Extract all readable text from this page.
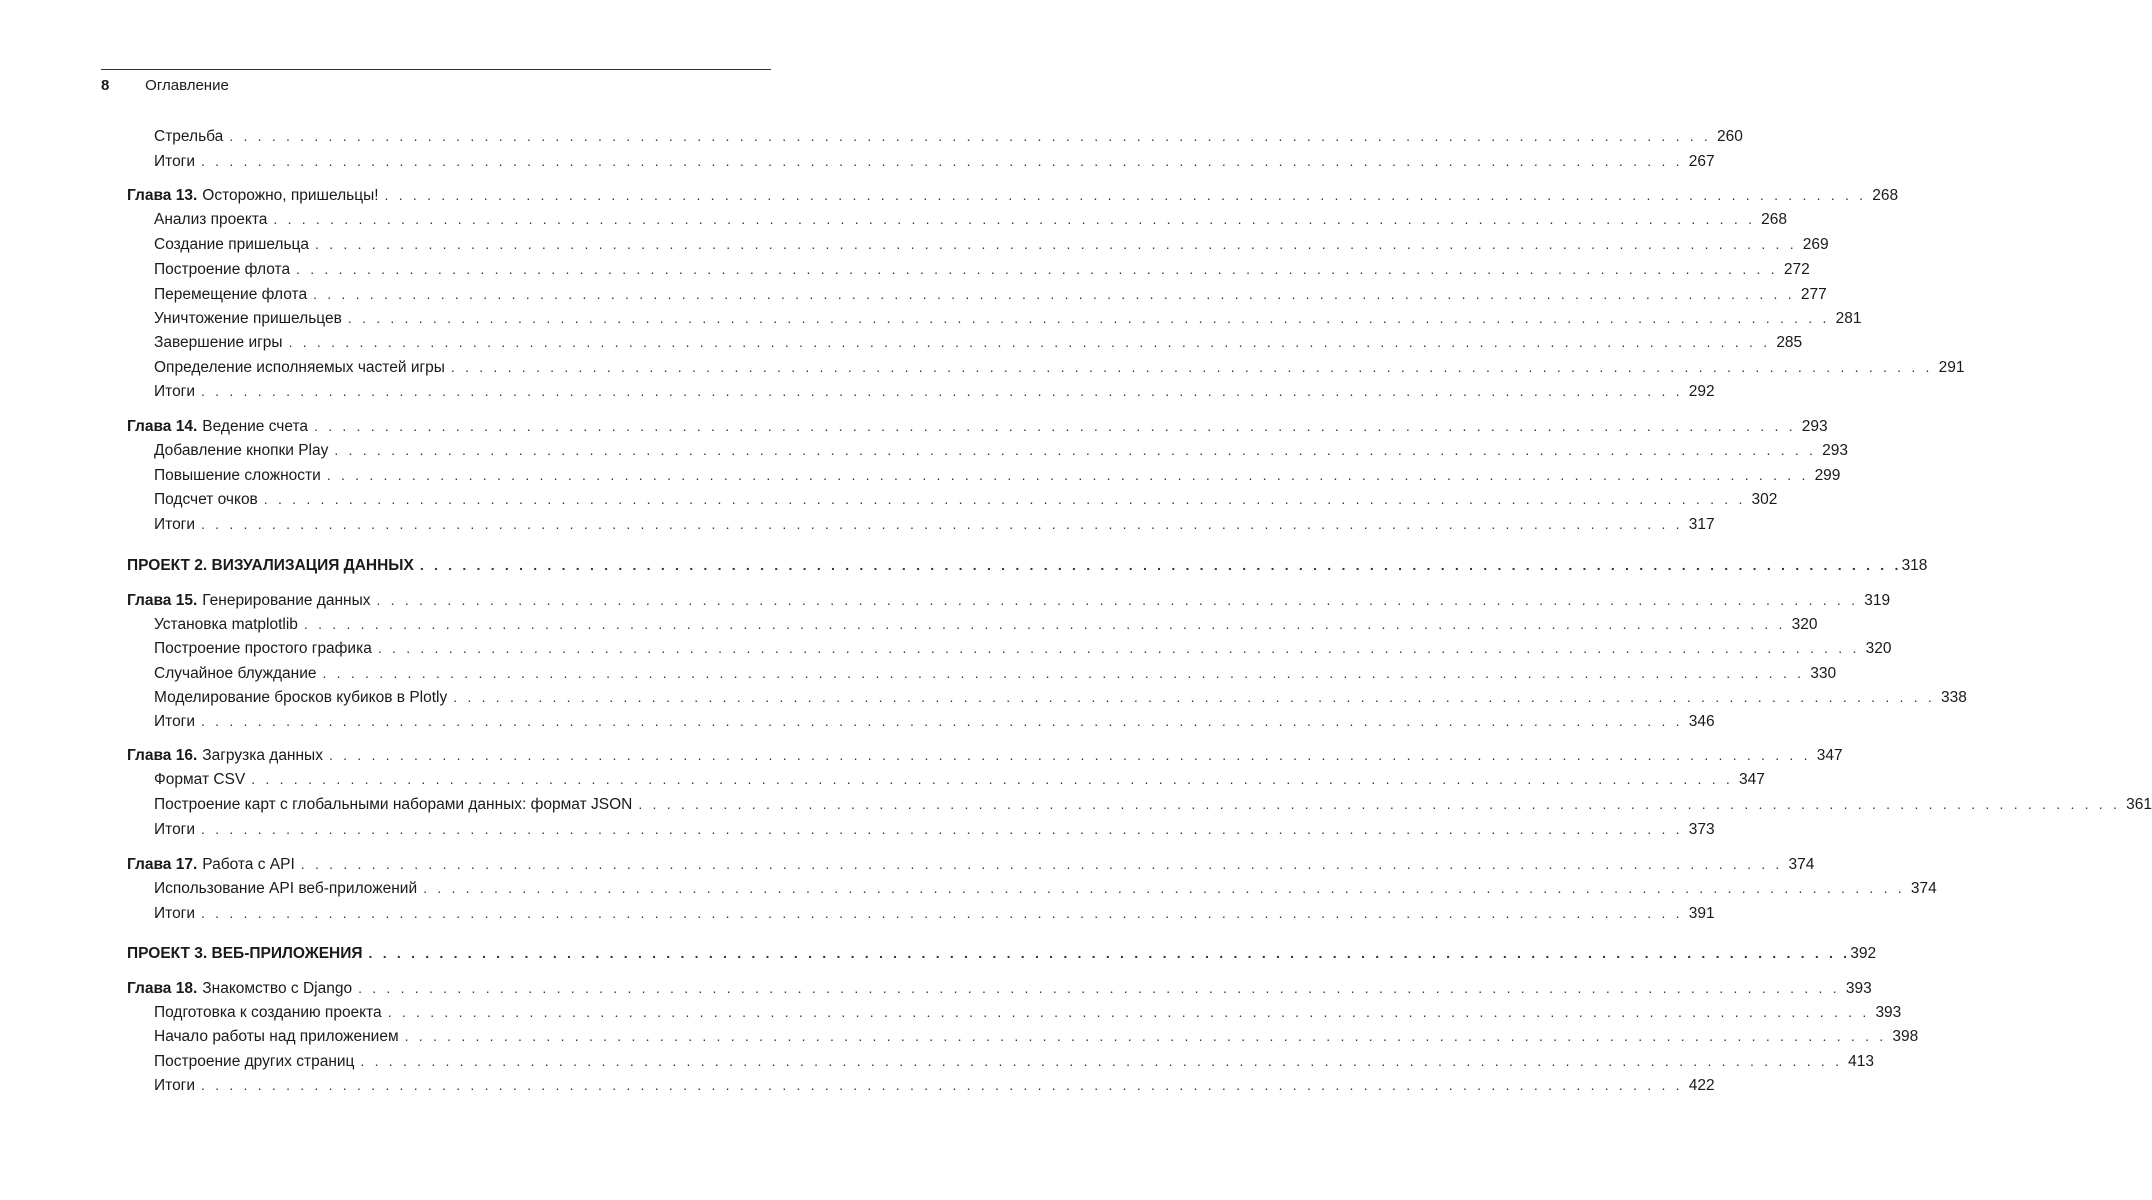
8 Оглавление
Стрельба . . . . . . . . . . . . . . . . . . . . . . . . . . . . . . . . . . . . . . . . . . . . . . . . . . . . . . . . . . . . . . . . . . . . . . . . . . . . . . . . . . . . . . . . . . . . . . . . . . . . . . . . . 260
Итоги . . . . . . . . . . . . . . . . . . . . . . . . . . . . . . . . . . . . . . . . . . . . . . . . . . . . . . . . . . . . . . . . . . . . . . . . . . . . . . . . . . . . . . . . . . . . . . . . . . . . . . . . . 267
Глава 13. Осторожно, пришельцы! . . . . . . . . . . . . . . . . . . . . . . . . . . . . . . . . . . . . . . . . . . . . . . . . . . . . . . . . . . . . . . . . . . . . . . . . . . . . . . . . . . . . . . . . . . . . . . . . . . . . . . . . . 268
Анализ проекта . . . . . . . . . . . . . . . . . . . . . . . . . . . . . . . . . . . . . . . . . . . . . . . . . . . . . . . . . . . . . . . . . . . . . . . . . . . . . . . . . . . . . . . . . . . . . . . . . . . . . . . . . 268
Создание пришельца . . . . . . . . . . . . . . . . . . . . . . . . . . . . . . . . . . . . . . . . . . . . . . . . . . . . . . . . . . . . . . . . . . . . . . . . . . . . . . . . . . . . . . . . . . . . . . . . . . . . . . . . . 269
Построение флота . . . . . . . . . . . . . . . . . . . . . . . . . . . . . . . . . . . . . . . . . . . . . . . . . . . . . . . . . . . . . . . . . . . . . . . . . . . . . . . . . . . . . . . . . . . . . . . . . . . . . . . . . 272
Перемещение флота . . . . . . . . . . . . . . . . . . . . . . . . . . . . . . . . . . . . . . . . . . . . . . . . . . . . . . . . . . . . . . . . . . . . . . . . . . . . . . . . . . . . . . . . . . . . . . . . . . . . . . . . . 277
Уничтожение пришельцев . . . . . . . . . . . . . . . . . . . . . . . . . . . . . . . . . . . . . . . . . . . . . . . . . . . . . . . . . . . . . . . . . . . . . . . . . . . . . . . . . . . . . . . . . . . . . . . . . . . . . . . . . 281
Завершение игры . . . . . . . . . . . . . . . . . . . . . . . . . . . . . . . . . . . . . . . . . . . . . . . . . . . . . . . . . . . . . . . . . . . . . . . . . . . . . . . . . . . . . . . . . . . . . . . . . . . . . . . . . 285
Определение исполняемых частей игры . . . . . . . . . . . . . . . . . . . . . . . . . . . . . . . . . . . . . . . . . . . . . . . . . . . . . . . . . . . . . . . . . . . . . . . . . . . . . . . . . . . . . . . . . . . . . . . . . . . . . . . . . 291
Итоги . . . . . . . . . . . . . . . . . . . . . . . . . . . . . . . . . . . . . . . . . . . . . . . . . . . . . . . . . . . . . . . . . . . . . . . . . . . . . . . . . . . . . . . . . . . . . . . . . . . . . . . . . 292
Глава 14. Ведение счета . . . . . . . . . . . . . . . . . . . . . . . . . . . . . . . . . . . . . . . . . . . . . . . . . . . . . . . . . . . . . . . . . . . . . . . . . . . . . . . . . . . . . . . . . . . . . . . . . . . . . . . . . 293
Добавление кнопки Play . . . . . . . . . . . . . . . . . . . . . . . . . . . . . . . . . . . . . . . . . . . . . . . . . . . . . . . . . . . . . . . . . . . . . . . . . . . . . . . . . . . . . . . . . . . . . . . . . . . . . . . . . 293
Повышение сложности . . . . . . . . . . . . . . . . . . . . . . . . . . . . . . . . . . . . . . . . . . . . . . . . . . . . . . . . . . . . . . . . . . . . . . . . . . . . . . . . . . . . . . . . . . . . . . . . . . . . . . . . . 299
Подсчет очков . . . . . . . . . . . . . . . . . . . . . . . . . . . . . . . . . . . . . . . . . . . . . . . . . . . . . . . . . . . . . . . . . . . . . . . . . . . . . . . . . . . . . . . . . . . . . . . . . . . . . . . . . 302
Итоги . . . . . . . . . . . . . . . . . . . . . . . . . . . . . . . . . . . . . . . . . . . . . . . . . . . . . . . . . . . . . . . . . . . . . . . . . . . . . . . . . . . . . . . . . . . . . . . . . . . . . . . . . 317
ПРОЕКТ 2. ВИЗУАЛИЗАЦИЯ ДАННЫХ . . . . . . . . . . . . . . . . . . . . . . . . . . . . . . . . . . . . . . . . . . . . . . . . . . . . . . . . . . . . . . . . . . . . . . . . . . . . . . . . . . . . . . . . . . . . . . . . . . . . . . . . . 318
Глава 15. Генерирование данных . . . . . . . . . . . . . . . . . . . . . . . . . . . . . . . . . . . . . . . . . . . . . . . . . . . . . . . . . . . . . . . . . . . . . . . . . . . . . . . . . . . . . . . . . . . . . . . . . . . . . . . . . 319
Установка matplotlib . . . . . . . . . . . . . . . . . . . . . . . . . . . . . . . . . . . . . . . . . . . . . . . . . . . . . . . . . . . . . . . . . . . . . . . . . . . . . . . . . . . . . . . . . . . . . . . . . . . . . . . . . 320
Построение простого графика . . . . . . . . . . . . . . . . . . . . . . . . . . . . . . . . . . . . . . . . . . . . . . . . . . . . . . . . . . . . . . . . . . . . . . . . . . . . . . . . . . . . . . . . . . . . . . . . . . . . . . . . . 320
Случайное блуждание . . . . . . . . . . . . . . . . . . . . . . . . . . . . . . . . . . . . . . . . . . . . . . . . . . . . . . . . . . . . . . . . . . . . . . . . . . . . . . . . . . . . . . . . . . . . . . . . . . . . . . . . . 330
Моделирование бросков кубиков в Plotly . . . . . . . . . . . . . . . . . . . . . . . . . . . . . . . . . . . . . . . . . . . . . . . . . . . . . . . . . . . . . . . . . . . . . . . . . . . . . . . . . . . . . . . . . . . . . . . . . . . . . . . . . 338
Итоги . . . . . . . . . . . . . . . . . . . . . . . . . . . . . . . . . . . . . . . . . . . . . . . . . . . . . . . . . . . . . . . . . . . . . . . . . . . . . . . . . . . . . . . . . . . . . . . . . . . . . . . . . 346
Глава 16. Загрузка данных . . . . . . . . . . . . . . . . . . . . . . . . . . . . . . . . . . . . . . . . . . . . . . . . . . . . . . . . . . . . . . . . . . . . . . . . . . . . . . . . . . . . . . . . . . . . . . . . . . . . . . . . . 347
Формат CSV . . . . . . . . . . . . . . . . . . . . . . . . . . . . . . . . . . . . . . . . . . . . . . . . . . . . . . . . . . . . . . . . . . . . . . . . . . . . . . . . . . . . . . . . . . . . . . . . . . . . . . . . . 347
Построение карт с глобальными наборами данных: формат JSON . . . . . . . . . . . . . . . . . . . . . . . . . . . . . . . . . . . . . . . . . . . . . . . . . . . . . . . . . . . . . . . . . . . . . . . . . . . . . . . . . . . . . . . . . . . . . . . . . . . . . . . . . 361
Итоги . . . . . . . . . . . . . . . . . . . . . . . . . . . . . . . . . . . . . . . . . . . . . . . . . . . . . . . . . . . . . . . . . . . . . . . . . . . . . . . . . . . . . . . . . . . . . . . . . . . . . . . . . 373
Глава 17. Работа с API . . . . . . . . . . . . . . . . . . . . . . . . . . . . . . . . . . . . . . . . . . . . . . . . . . . . . . . . . . . . . . . . . . . . . . . . . . . . . . . . . . . . . . . . . . . . . . . . . . . . . . . . . 374
Использование API веб-приложений . . . . . . . . . . . . . . . . . . . . . . . . . . . . . . . . . . . . . . . . . . . . . . . . . . . . . . . . . . . . . . . . . . . . . . . . . . . . . . . . . . . . . . . . . . . . . . . . . . . . . . . . . 374
Итоги . . . . . . . . . . . . . . . . . . . . . . . . . . . . . . . . . . . . . . . . . . . . . . . . . . . . . . . . . . . . . . . . . . . . . . . . . . . . . . . . . . . . . . . . . . . . . . . . . . . . . . . . . 391
ПРОЕКТ 3. ВЕБ-ПРИЛОЖЕНИЯ . . . . . . . . . . . . . . . . . . . . . . . . . . . . . . . . . . . . . . . . . . . . . . . . . . . . . . . . . . . . . . . . . . . . . . . . . . . . . . . . . . . . . . . . . . . . . . . . . . . . . . . . . 392
Глава 18. Знакомство с Django . . . . . . . . . . . . . . . . . . . . . . . . . . . . . . . . . . . . . . . . . . . . . . . . . . . . . . . . . . . . . . . . . . . . . . . . . . . . . . . . . . . . . . . . . . . . . . . . . . . . . . . . . 393
Подготовка к созданию проекта . . . . . . . . . . . . . . . . . . . . . . . . . . . . . . . . . . . . . . . . . . . . . . . . . . . . . . . . . . . . . . . . . . . . . . . . . . . . . . . . . . . . . . . . . . . . . . . . . . . . . . . . . 393
Начало работы над приложением . . . . . . . . . . . . . . . . . . . . . . . . . . . . . . . . . . . . . . . . . . . . . . . . . . . . . . . . . . . . . . . . . . . . . . . . . . . . . . . . . . . . . . . . . . . . . . . . . . . . . . . . . 398
Построение других страниц . . . . . . . . . . . . . . . . . . . . . . . . . . . . . . . . . . . . . . . . . . . . . . . . . . . . . . . . . . . . . . . . . . . . . . . . . . . . . . . . . . . . . . . . . . . . . . . . . . . . . . . . . 413
Итоги . . . . . . . . . . . . . . . . . . . . . . . . . . . . . . . . . . . . . . . . . . . . . . . . . . . . . . . . . . . . . . . . . . . . . . . . . . . . . . . . . . . . . . . . . . . . . . . . . . . . . . . . . 422
